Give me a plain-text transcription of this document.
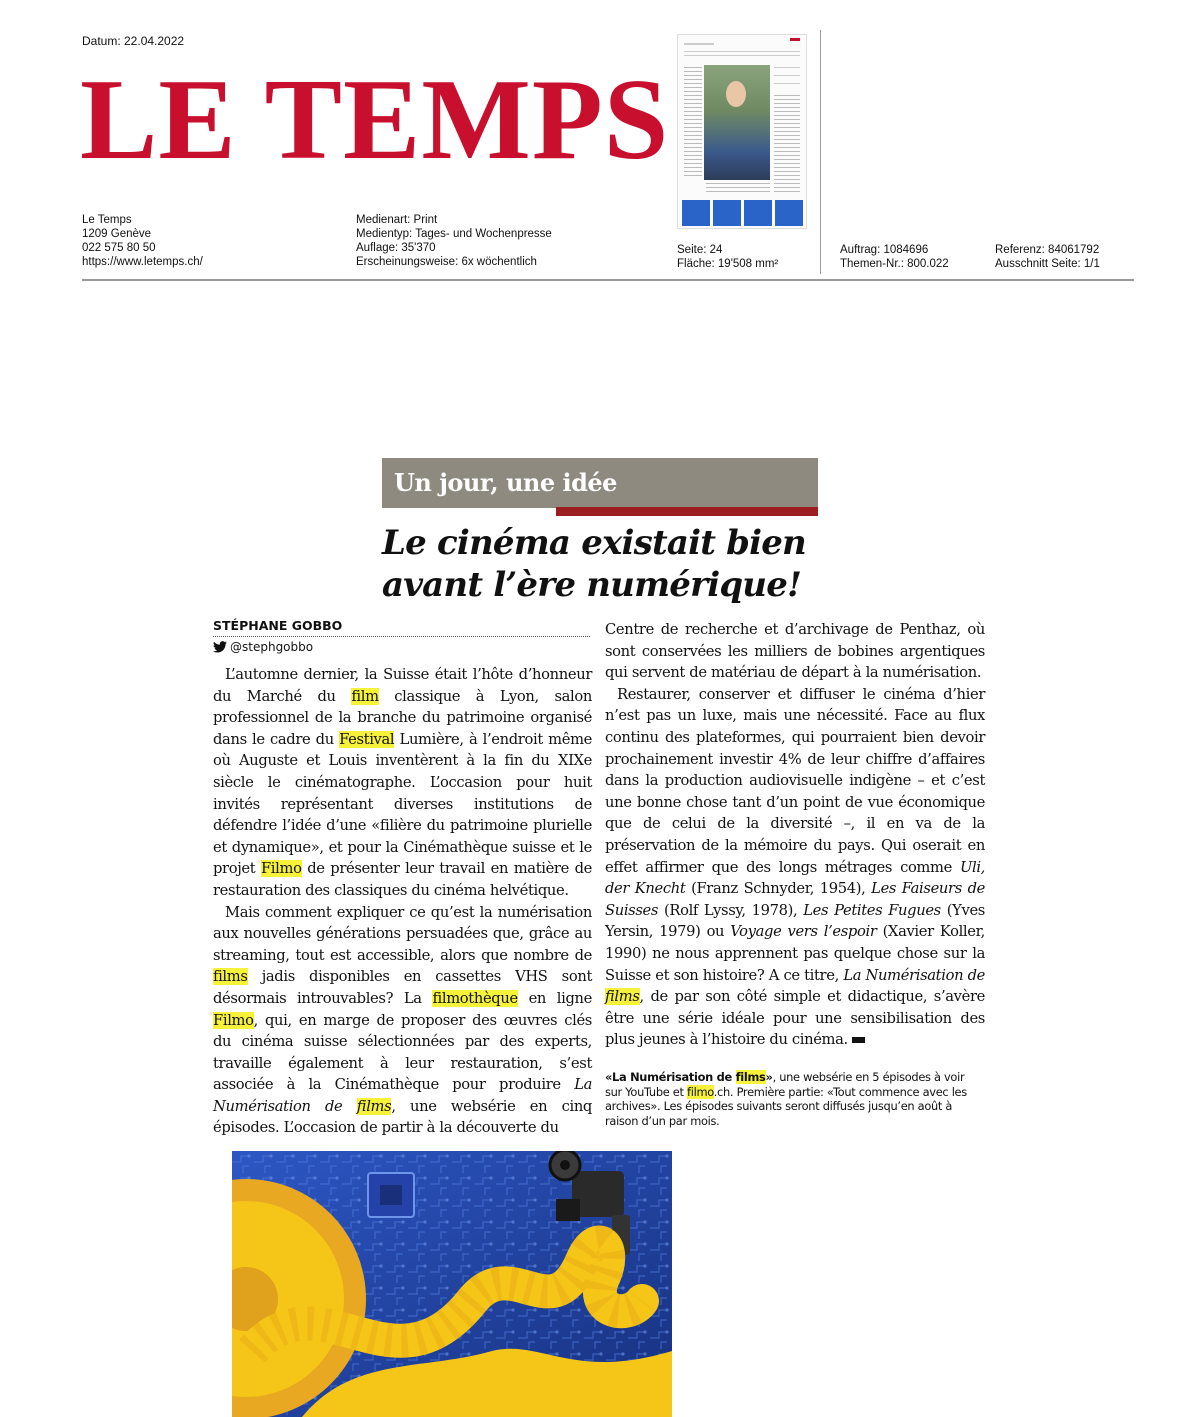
Datum: 22.04.2022
LE TEMPS
Le Temps
1209 Genève
022 575 80 50
https://www.letemps.ch/
Medienart: Print
Medientyp: Tages- und Wochenpresse
Auflage: 35'370
Erscheinungsweise: 6x wöchentlich
Seite: 24
Fläche: 19'508 mm²
Auftrag: 1084696
Themen-Nr.: 800.022
Referenz: 84061792
Ausschnitt Seite: 1/1
Un jour, une idée
Le cinéma existait bien avant l’ère numérique!
STÉPHANE GOBBO
@stephgobbo

L’automne dernier, la Suisse était l’hôte d’honneur du Marché du film classique à Lyon, salon professionnel de la branche du patrimoine organisé dans le cadre du Festival Lumière, à l’endroit même où Auguste et Louis inventèrent à la fin du XIXe siècle le cinématographe. L’occasion pour huit invités représentant diverses institutions de défendre l’idée d’une «filière du patrimoine plurielle et dynamique», et pour la Cinémathèque suisse et le projet Filmo de présenter leur travail en matière de restauration des classiques du cinéma helvétique.

Mais comment expliquer ce qu’est la numérisation aux nouvelles générations persuadées que, grâce au streaming, tout est accessible, alors que nombre de films jadis disponibles en cassettes VHS sont désormais introuvables? La filmothèque en ligne Filmo, qui, en marge de proposer des œuvres clés du cinéma suisse sélectionnées par des experts, travaille également à leur restauration, s’est associée à la Cinémathèque pour produire La Numérisation de films, une websérie en cinq épisodes. L’occasion de partir à la découverte du

Centre de recherche et d’archivage de Penthaz, où sont conservées les milliers de bobines argentiques qui servent de matériau de départ à la numérisation.

Restaurer, conserver et diffuser le cinéma d’hier n’est pas un luxe, mais une nécessité. Face au flux continu des plateformes, qui pourraient bien devoir prochainement investir 4% de leur chiffre d’affaires dans la production audiovisuelle indigène – et c’est une bonne chose tant d’un point de vue économique que de celui de la diversité –, il en va de la préservation de la mémoire du pays. Qui oserait en effet affirmer que des longs métrages comme Uli, der Knecht (Franz Schnyder, 1954), Les Faiseurs de Suisses (Rolf Lyssy, 1978), Les Petites Fugues (Yves Yersin, 1979) ou Voyage vers l’espoir (Xavier Koller, 1990) ne nous apprennent pas quelque chose sur la Suisse et son histoire? A ce titre, La Numérisation de films, de par son côté simple et didactique, s’avère être une série idéale pour une sensibilisation des plus jeunes à l’histoire du cinéma.

«La Numérisation de films», une websérie en 5 épisodes à voir sur YouTube et filmo.ch. Première partie: «Tout commence avec les archives». Les épisodes suivants seront diffusés jusqu’en août à raison d’un par mois.
